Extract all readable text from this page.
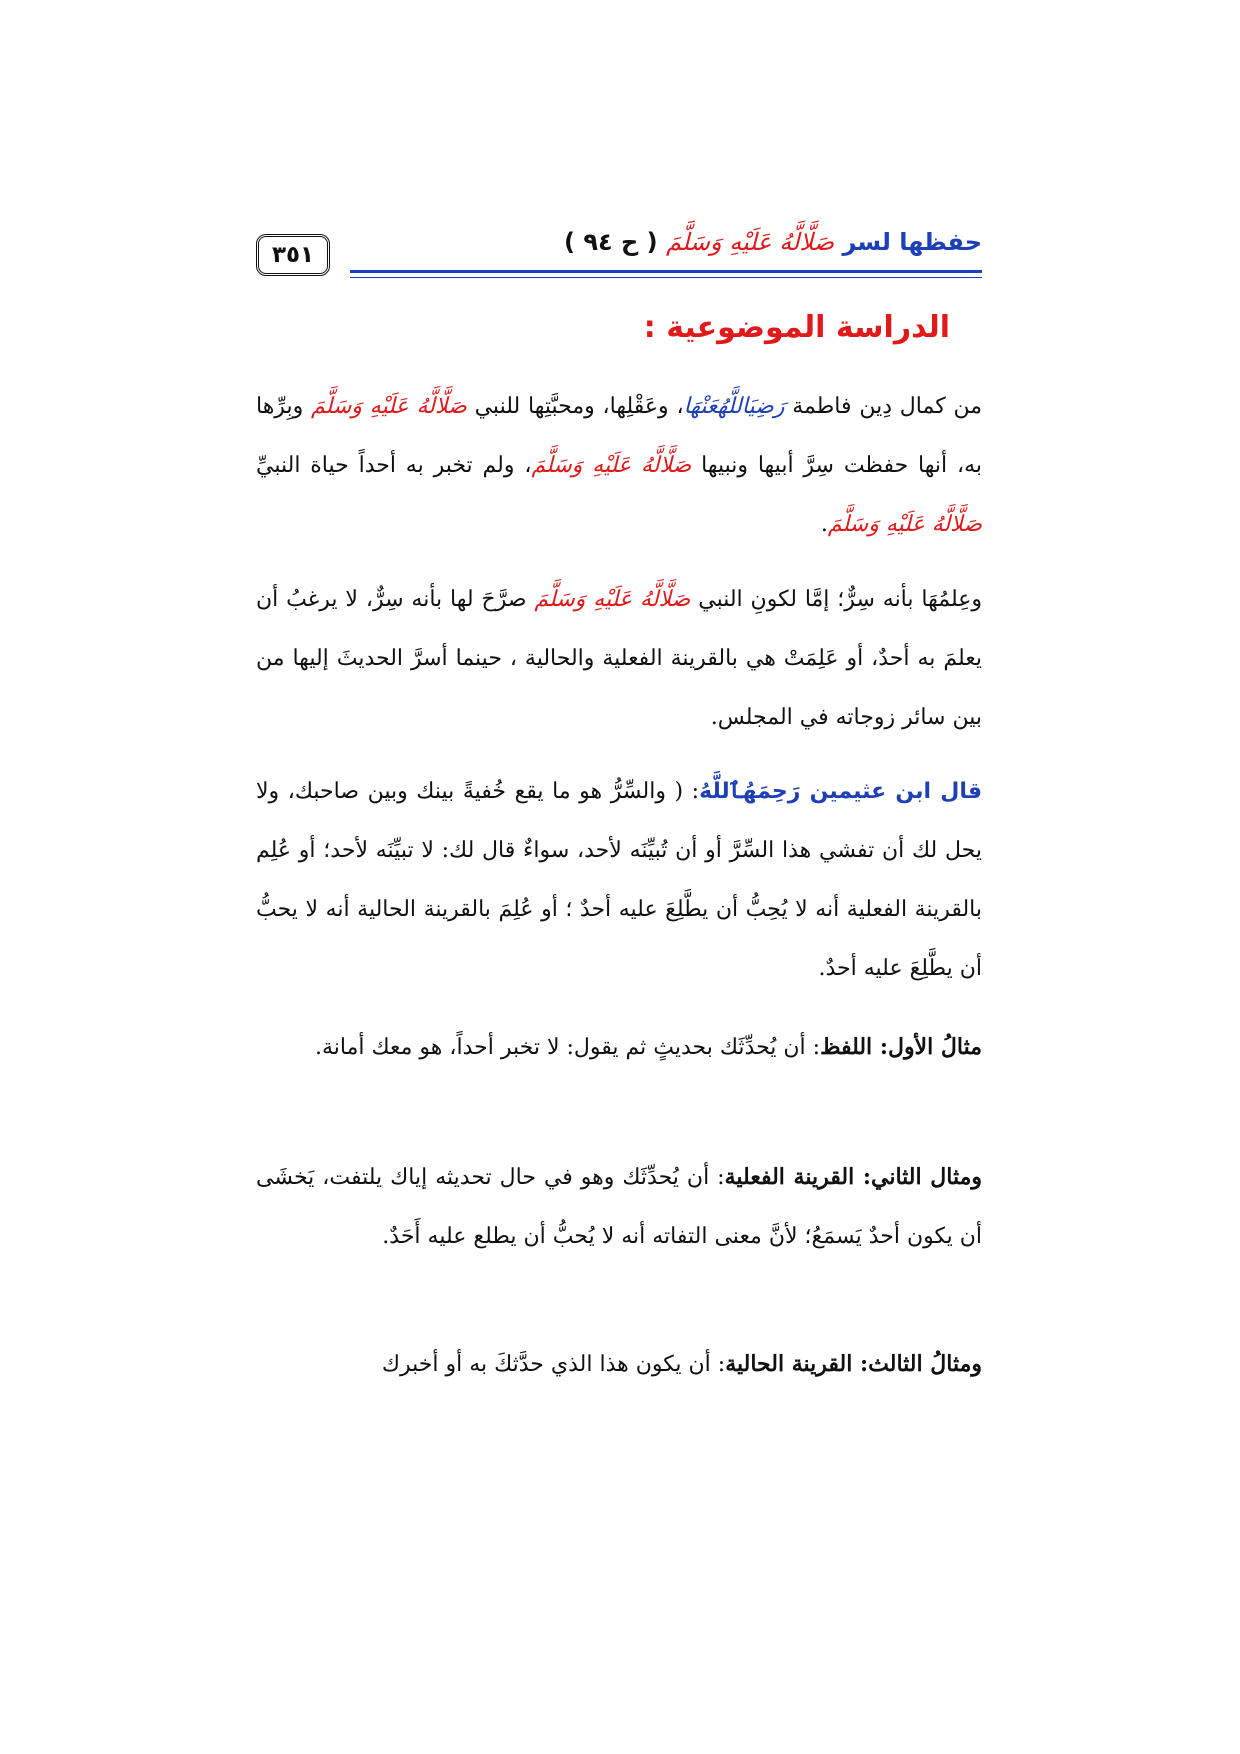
حفظها لسر صَلَّالَّهُ عَلَيْهِ وَسَلَّمَ ( ح ٩٤ )
٣٥١
الدراسة الموضوعية :

من كمال دِين فاطمة رَضِيَاللَّهُعَنْهَا، وعَقْلِها، ومحبَّتِها للنبي صَلَّالَّهُ عَلَيْهِ وَسَلَّمَ وبِرِّها به، أنها حفظت سِرَّ أبيها ونبيها صَلَّالَّهُ عَلَيْهِ وَسَلَّمَ، ولم تخبر به أحداً حياة النبيِّ صَلَّالَّهُ عَلَيْهِ وَسَلَّمَ.

وعِلمُهَا بأنه سِرٌّ؛ إمَّا لكونِ النبي صَلَّالَّهُ عَلَيْهِ وَسَلَّمَ صرَّحَ لها بأنه سِرٌّ، لا يرغبُ أن يعلمَ به أحدٌ، أو عَلِمَتْ هي بالقرينة الفعلية والحالية ، حينما أسرَّ الحديثَ إليها من بين سائر زوجاته في المجلس.

قال ابن عثيمين رَحِمَهُٱللَّهُ: ( والسِّرُّ هو ما يقع خُفيةً بينك وبين صاحبك، ولا يحل لك أن تفشي هذا السِّرَّ أو أن تُبيِّنَه لأحد، سواءٌ قال لك: لا تبيِّنَه لأحد؛ أو عُلِم بالقرينة الفعلية أنه لا يُحِبُّ أن يطَّلِعَ عليه أحدٌ ؛ أو عُلِمَ بالقرينة الحالية أنه لا يحبُّ أن يطَّلِعَ عليه أحدٌ.

مثالُ الأول: اللفظ: أن يُحدِّثَك بحديثٍ ثم يقول: لا تخبر أحداً، هو معك أمانة.

ومثال الثاني: القرينة الفعلية: أن يُحدِّثَك وهو في حال تحديثه إياك يلتفت، يَخشَى أن يكون أحدٌ يَسمَعُ؛ لأنَّ معنى التفاته أنه لا يُحبُّ أن يطلع عليه أَحَدٌ.

ومثالُ الثالث: القرينة الحالية: أن يكون هذا الذي حدَّثكَ به أو أخبرك
